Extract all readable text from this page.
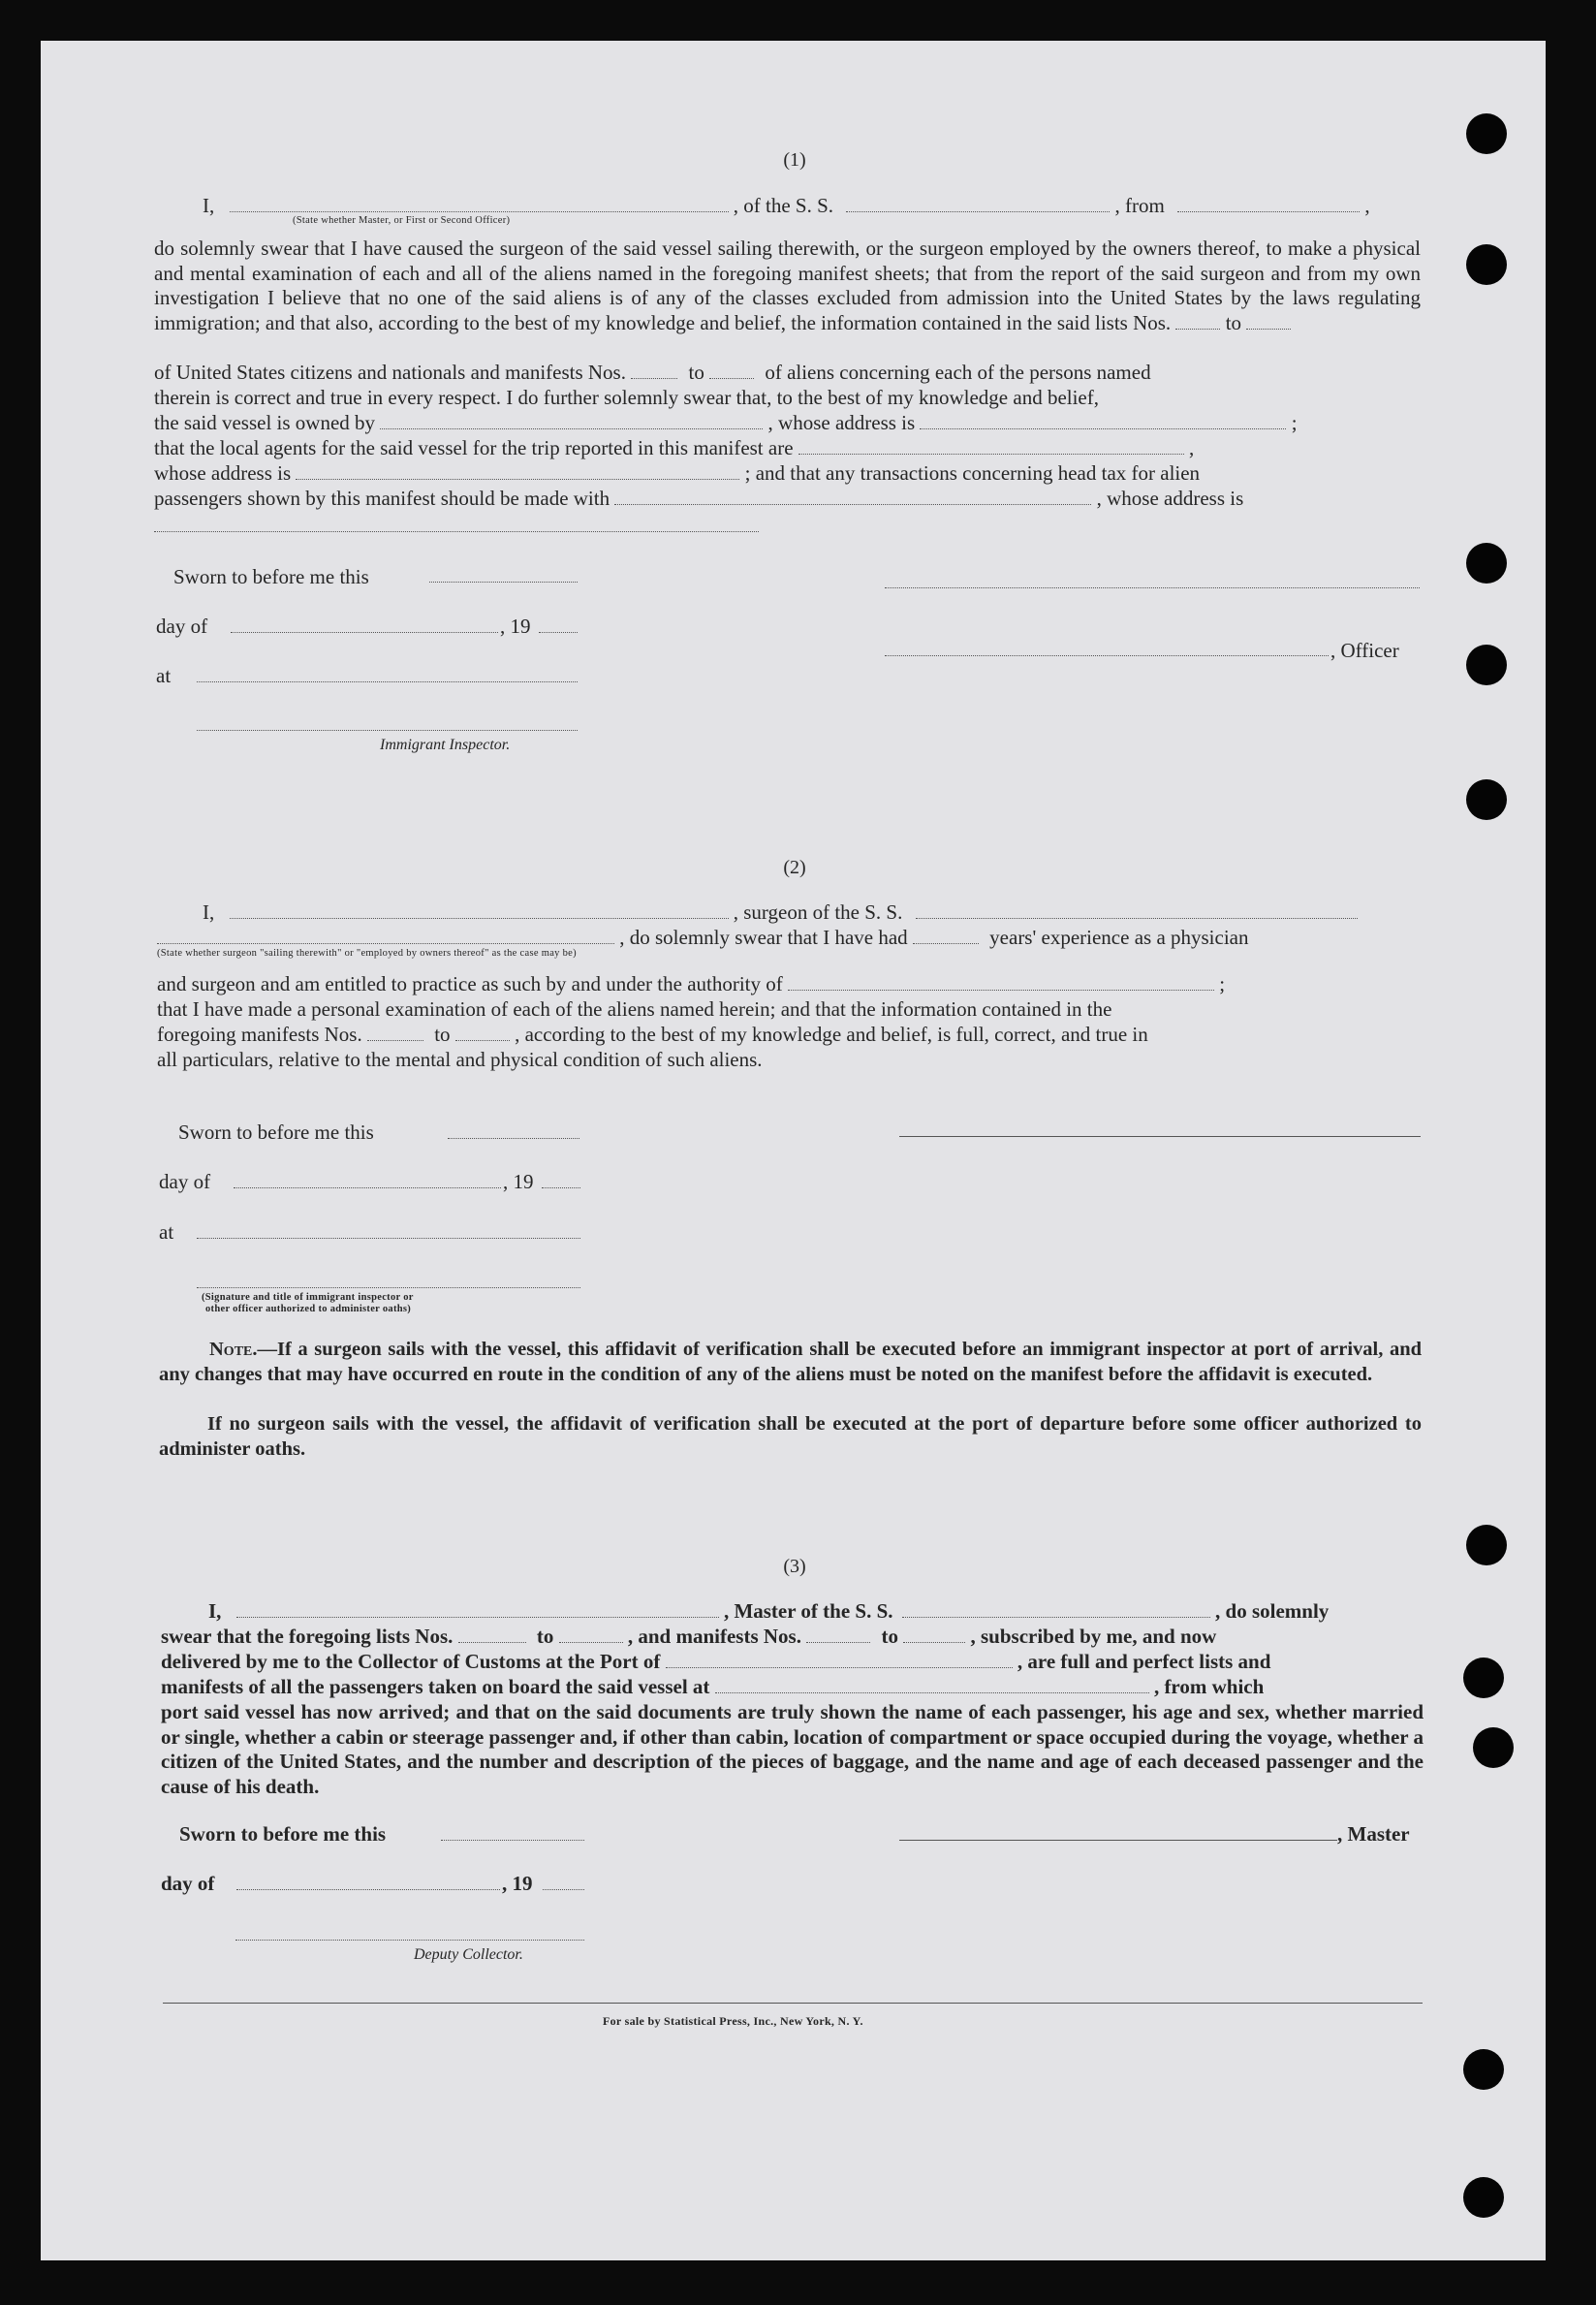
(1)
I,	, of the S. S.	, from	,
(State whether Master, or First or Second Officer)
do solemnly swear that I have caused the surgeon of the said vessel sailing therewith, or the surgeon employed by the owners thereof, to make a physical and mental examination of each and all of the aliens named in the foregoing manifest sheets; that from the report of the said surgeon and from my own investigation I believe that no one of the said aliens is of any of the classes excluded from admission into the United States by the laws regulating immigration; and that also, according to the best of my knowledge and belief, the information contained in the said lists Nos.	to
of United States citizens and nationals and manifests Nos.	to	of aliens concerning each of the persons named
therein is correct and true in every respect. I do further solemnly swear that, to the best of my knowledge and belief,
the said vessel is owned by	, whose address is	;
that the local agents for the said vessel for the trip reported in this manifest are	,
whose address is	; and that any transactions concerning head tax for alien
passengers shown by this manifest should be made with	, whose address is
Sworn to before me this
day of	, 19
at
Immigrant Inspector.
, Officer
(2)
I,	, surgeon of the S. S.
, do solemnly swear that I have had	years' experience as a physician
(State whether surgeon "sailing therewith" or "employed by owners thereof" as the case may be)
and surgeon and am entitled to practice as such by and under the authority of	;
that I have made a personal examination of each of the aliens named herein; and that the information contained in the
foregoing manifests Nos.	to	, according to the best of my knowledge and belief, is full, correct, and true in
all particulars, relative to the mental and physical condition of such aliens.
Sworn to before me this
day of	, 19
at
(Signature and title of immigrant inspector or
other officer authorized to administer oaths)
Note.—If a surgeon sails with the vessel, this affidavit of verification shall be executed before an immigrant inspector at port of arrival, and any changes that may have occurred en route in the condition of any of the aliens must be noted on the manifest before the affidavit is executed.
If no surgeon sails with the vessel, the affidavit of verification shall be executed at the port of departure before some officer authorized to administer oaths.
(3)
I,	, Master of the S. S.	, do solemnly
swear that the foregoing lists Nos.	to	, and manifests Nos.	to	, subscribed by me, and now
delivered by me to the Collector of Customs at the Port of	, are full and perfect lists and
manifests of all the passengers taken on board the said vessel at	, from which
port said vessel has now arrived; and that on the said documents are truly shown the name of each passenger, his age and sex, whether married or single, whether a cabin or steerage passenger and, if other than cabin, location of compartment or space occupied during the voyage, whether a citizen of the United States, and the number and description of the pieces of baggage, and the name and age of each deceased passenger and the cause of his death.
Sworn to before me this	, Master
day of	, 19
Deputy Collector.
For sale by Statistical Press, Inc., New York, N. Y.
